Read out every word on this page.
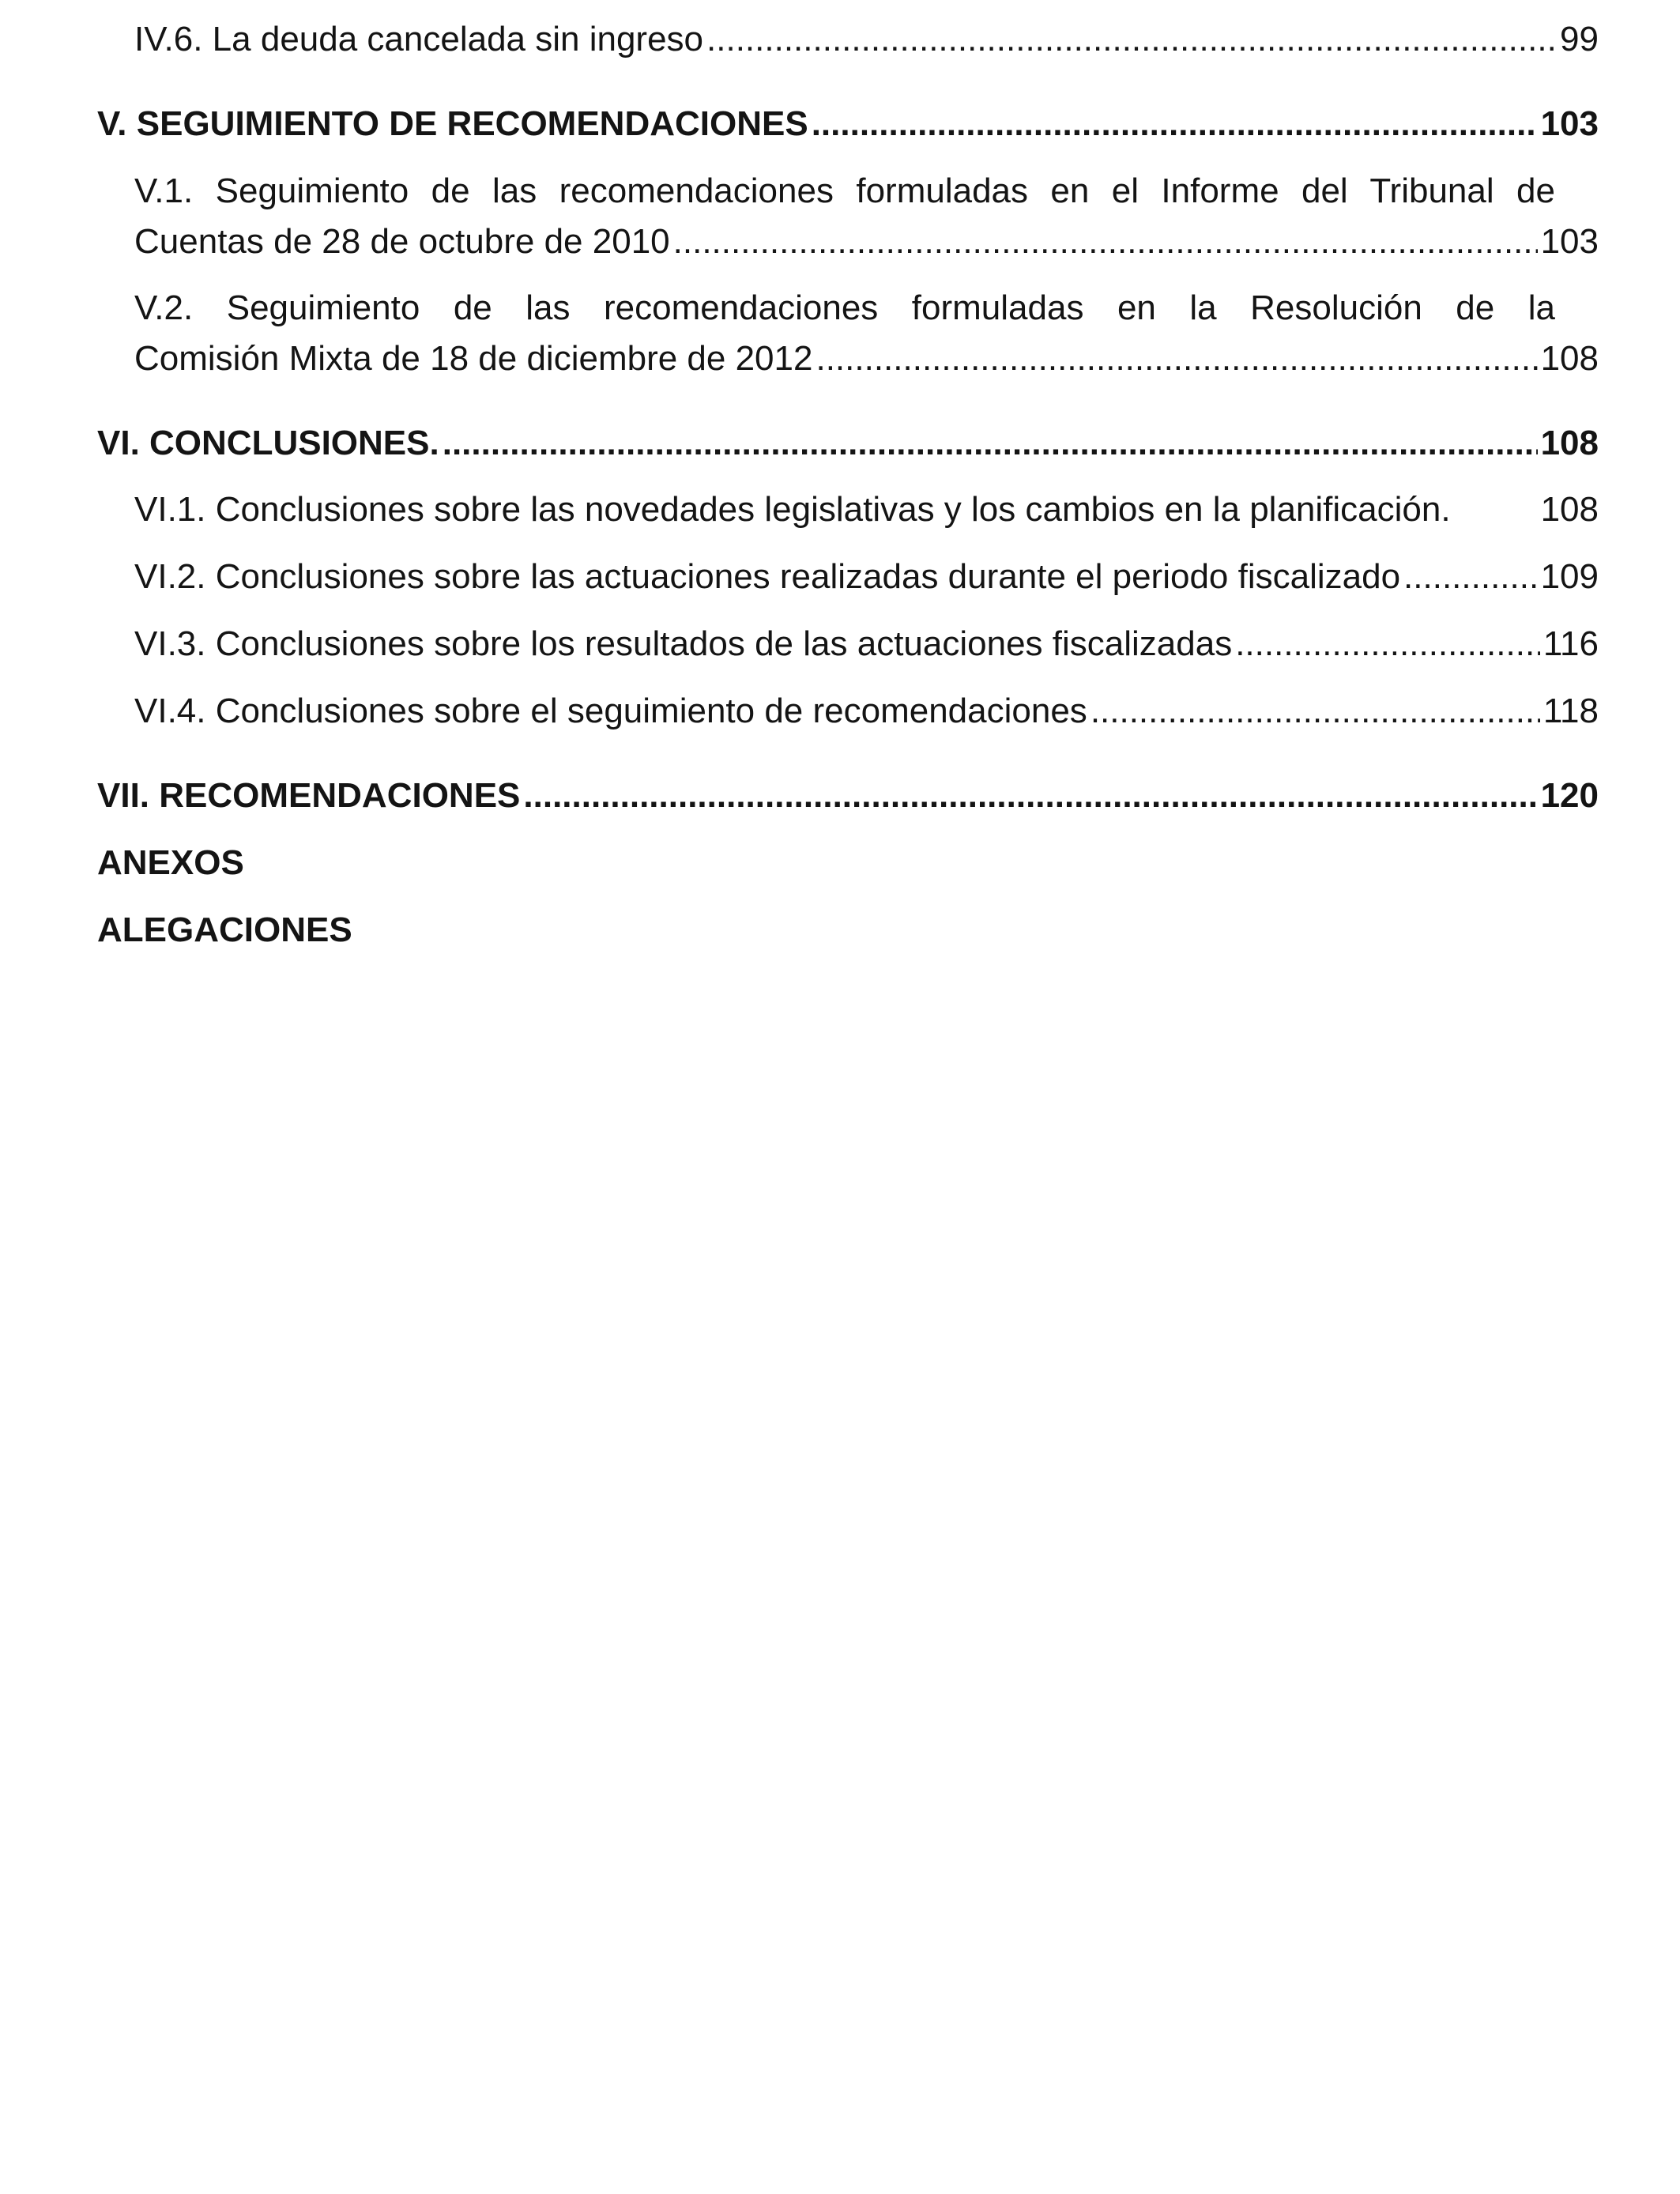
IV.6. La deuda cancelada sin ingreso .....	99
V. SEGUIMIENTO DE RECOMENDACIONES .....	103
V.1. Seguimiento de las recomendaciones formuladas en el Informe del Tribunal de
Cuentas de 28 de octubre de 2010 .....	103
V.2. Seguimiento de las recomendaciones formuladas en la Resolución de la
Comisión Mixta de 18 de diciembre de 2012 .....	108
VI. CONCLUSIONES. .....	108
VI.1. Conclusiones sobre las novedades legislativas y los cambios en la planificación.	108
VI.2. Conclusiones sobre las actuaciones realizadas durante el periodo fiscalizado .....	109
VI.3. Conclusiones sobre los resultados de las actuaciones fiscalizadas .....	116
VI.4. Conclusiones sobre el seguimiento de recomendaciones .....	118
VII. RECOMENDACIONES .....	120
ANEXOS
ALEGACIONES
